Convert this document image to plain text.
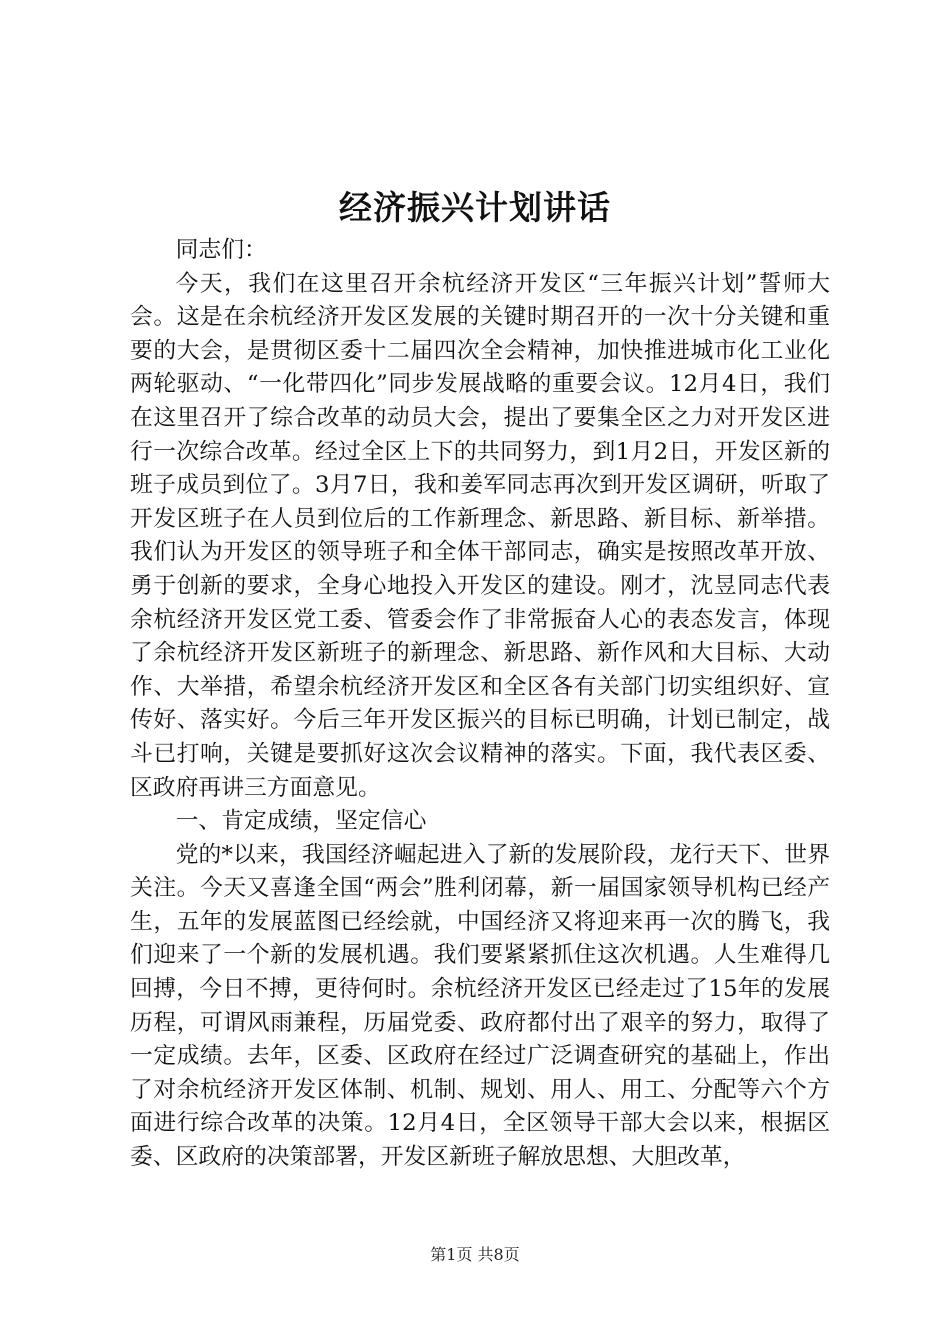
经济振兴计划讲话

同志们：

今天，我们在这里召开余杭经济开发区“三年振兴计划”誓师大会。这是在余杭经济开发区发展的关键时期召开的一次十分关键和重要的大会，是贯彻区委十二届四次全会精神，加快推进城市化工业化两轮驱动、“一化带四化”同步发展战略的重要会议。12月4日，我们在这里召开了综合改革的动员大会，提出了要集全区之力对开发区进行一次综合改革。经过全区上下的共同努力，到1月2日，开发区新的班子成员到位了。3月7日，我和姜军同志再次到开发区调研，听取了开发区班子在人员到位后的工作新理念、新思路、新目标、新举措。我们认为开发区的领导班子和全体干部同志，确实是按照改革开放、勇于创新的要求，全身心地投入开发区的建设。刚才，沈昱同志代表余杭经济开发区党工委、管委会作了非常振奋人心的表态发言，体现了余杭经济开发区新班子的新理念、新思路、新作风和大目标、大动作、大举措，希望余杭经济开发区和全区各有关部门切实组织好、宣传好、落实好。今后三年开发区振兴的目标已明确，计划已制定，战斗已打响，关键是要抓好这次会议精神的落实。下面，我代表区委、区政府再讲三方面意见。

一、肯定成绩，坚定信心

党的*以来，我国经济崛起进入了新的发展阶段，龙行天下、世界关注。今天又喜逢全国“两会”胜利闭幕，新一届国家领导机构已经产生，五年的发展蓝图已经绘就，中国经济又将迎来再一次的腾飞，我们迎来了一个新的发展机遇。我们要紧紧抓住这次机遇。人生难得几回搏，今日不搏，更待何时。余杭经济开发区已经走过了15年的发展历程，可谓风雨兼程，历届党委、政府都付出了艰辛的努力，取得了一定成绩。去年，区委、区政府在经过广泛调查研究的基础上，作出了对余杭经济开发区体制、机制、规划、用人、用工、分配等六个方面进行综合改革的决策。12月4日，全区领导干部大会以来，根据区委、区政府的决策部署，开发区新班子解放思想、大胆改革，

第1页 共8页
